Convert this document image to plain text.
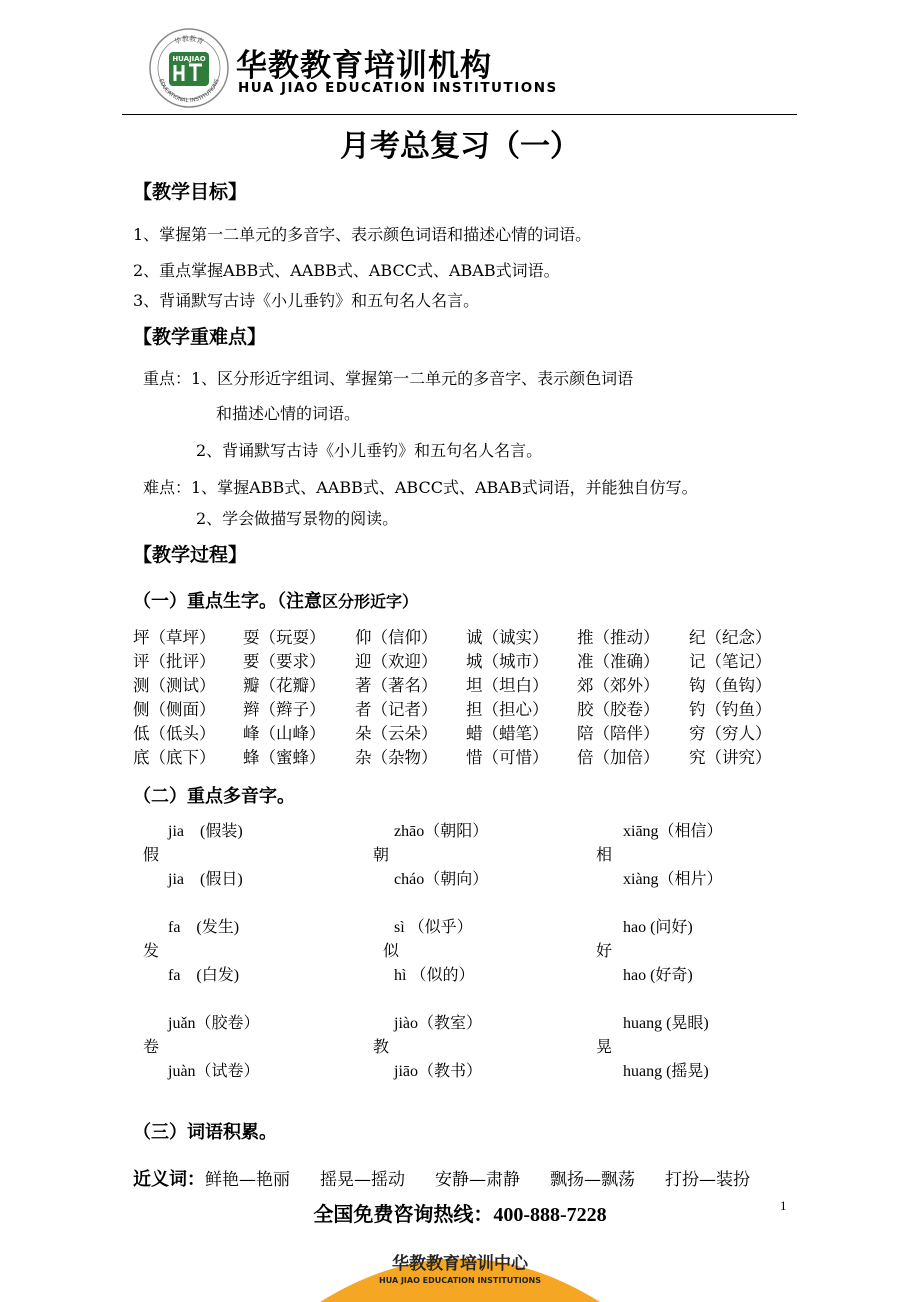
华教教育
EDUCATIONAL INSTITUTIONS
HUAJIAO 华教教育培训机构
HUA JIAO EDUCATION INSTITUTIONS
月考总复习（一）
【教学目标】
1、掌握第一二单元的多音字、表示颜色词语和描述心情的词语。
2、重点掌握ABB式、AABB式、ABCC式、ABAB式词语。
3、背诵默写古诗《小儿垂钓》和五句名人名言。
【教学重难点】
重点：1、区分形近字组词、掌握第一二单元的多音字、表示颜色词语
和描述心情的词语。
2、背诵默写古诗《小儿垂钓》和五句名人名言。
难点：1、掌握ABB式、AABB式、ABCC式、ABAB式词语，并能独自仿写。
2、学会做描写景物的阅读。
【教学过程】
（一）重点生字。（注意区分形近字）
坪（草坪） 耍（玩耍） 仰（信仰） 诚（诚实） 推（推动） 纪（纪念）
评（批评） 要（要求） 迎（欢迎） 城（城市） 准（准确） 记（笔记）
测（测试） 瓣（花瓣） 著（著名） 坦（坦白） 郊（郊外） 钩（鱼钩）
侧（侧面） 辫（辫子） 者（记者） 担（担心） 胶（胶卷） 钓（钓鱼）
低（低头） 峰（山峰） 朵（云朵） 蜡（蜡笔） 陪（陪伴） 穷（穷人）
底（底下） 蜂（蜜蜂） 杂（杂物） 惜（可惜） 倍（加倍） 究（讲究）
（二）重点多音字。
jia　(假装)
假
jia　(假日)
zhāo（朝阳）
朝
cháo（朝向）
xiāng（相信）
相
xiàng（相片）
fa　(发生)
发
fa　(白发)
sì （似乎）
似
hì （似的）
hao (问好)
好
hao (好奇)
juǎn（胶卷）
卷
juàn（试卷）
jiào（教室）
教
jiāo（教书）
huang (晃眼)
晃
huang (摇晃)
（三）词语积累。
近义词：鲜艳—艳丽 摇晃—摇动 安静—肃静 飘扬—飘荡 打扮—装扮
全国免费咨询热线：400-888-7228	1
华教教育培训中心
HUA JIAO EDUCATION INSTITUTIONS
